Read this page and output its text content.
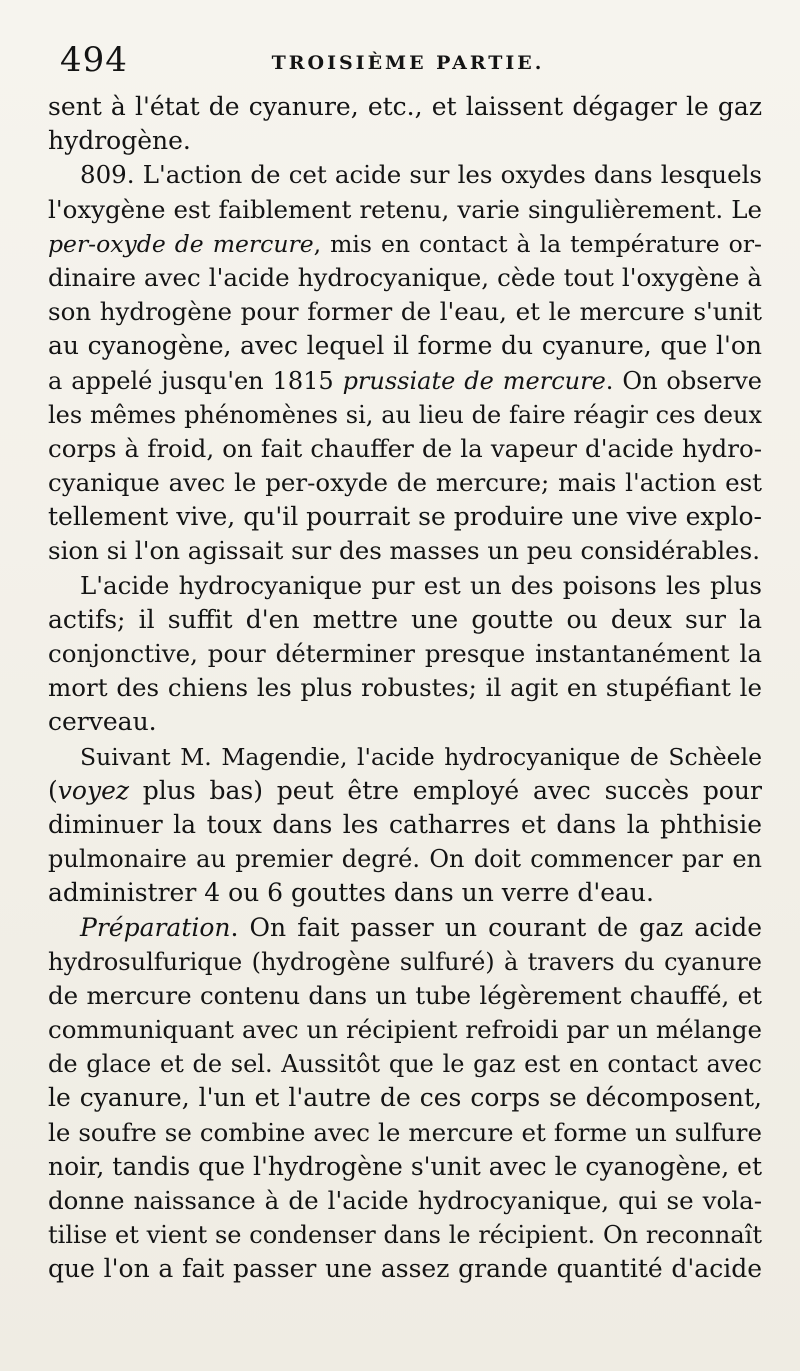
494	TROISIÈME PARTIE.
sent à l'état de cyanure, etc., et laissent dégager le gaz
hydrogène.
809. L'action de cet acide sur les oxydes dans lesquels
l'oxygène est faiblement retenu, varie singulièrement. Le
per-oxyde de mercure, mis en contact à la température or-
dinaire avec l'acide hydrocyanique, cède tout l'oxygène à
son hydrogène pour former de l'eau, et le mercure s'unit
au cyanogène, avec lequel il forme du cyanure, que l'on
a appelé jusqu'en 1815 prussiate de mercure. On observe
les mêmes phénomènes si, au lieu de faire réagir ces deux
corps à froid, on fait chauffer de la vapeur d'acide hydro-
cyanique avec le per-oxyde de mercure; mais l'action est
tellement vive, qu'il pourrait se produire une vive explo-
sion si l'on agissait sur des masses un peu considérables.
L'acide hydrocyanique pur est un des poisons les plus
actifs; il suffit d'en mettre une goutte ou deux sur la
conjonctive, pour déterminer presque instantanément la
mort des chiens les plus robustes; il agit en stupéfiant le
cerveau.
Suivant M. Magendie, l'acide hydrocyanique de Schèele
(voyez plus bas) peut être employé avec succès pour
diminuer la toux dans les catharres et dans la phthisie
pulmonaire au premier degré. On doit commencer par en
administrer 4 ou 6 gouttes dans un verre d'eau.
Préparation. On fait passer un courant de gaz acide
hydrosulfurique (hydrogène sulfuré) à travers du cyanure
de mercure contenu dans un tube légèrement chauffé, et
communiquant avec un récipient refroidi par un mélange
de glace et de sel. Aussitôt que le gaz est en contact avec
le cyanure, l'un et l'autre de ces corps se décomposent,
le soufre se combine avec le mercure et forme un sulfure
noir, tandis que l'hydrogène s'unit avec le cyanogène, et
donne naissance à de l'acide hydrocyanique, qui se vola-
tilise et vient se condenser dans le récipient. On reconnaît
que l'on a fait passer une assez grande quantité d'acide
